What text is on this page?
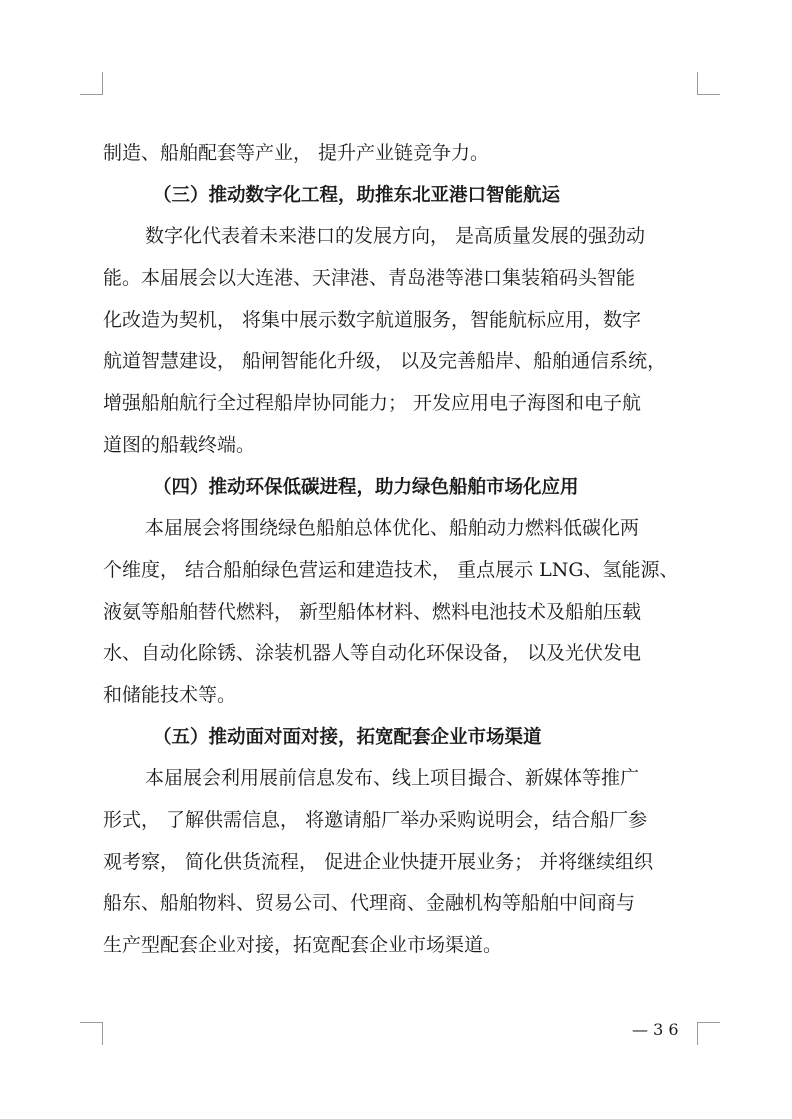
制造、船舶配套等产业， 提升产业链竞争力。
（三）推动数字化工程，助推东北亚港口智能航运
数字化代表着未来港口的发展方向， 是高质量发展的强劲动
能。本届展会以大连港、天津港、青岛港等港口集装箱码头智能
化改造为契机， 将集中展示数字航道服务，智能航标应用，数字
航道智慧建设， 船闸智能化升级， 以及完善船岸、船舶通信系统，
增强船舶航行全过程船岸协同能力； 开发应用电子海图和电子航
道图的船载终端。
（四）推动环保低碳进程，助力绿色船舶市场化应用
本届展会将围绕绿色船舶总体优化、船舶动力燃料低碳化两
个维度， 结合船舶绿色营运和建造技术， 重点展示 LNG、氢能源、
液氨等船舶替代燃料， 新型船体材料、燃料电池技术及船舶压载
水、自动化除锈、涂装机器人等自动化环保设备， 以及光伏发电
和储能技术等。
（五）推动面对面对接，拓宽配套企业市场渠道
本届展会利用展前信息发布、线上项目撮合、新媒体等推广
形式， 了解供需信息， 将邀请船厂举办采购说明会，结合船厂参
观考察， 简化供货流程， 促进企业快捷开展业务； 并将继续组织
船东、船舶物料、贸易公司、代理商、金融机构等船舶中间商与
生产型配套企业对接，拓宽配套企业市场渠道。
— 3 6
